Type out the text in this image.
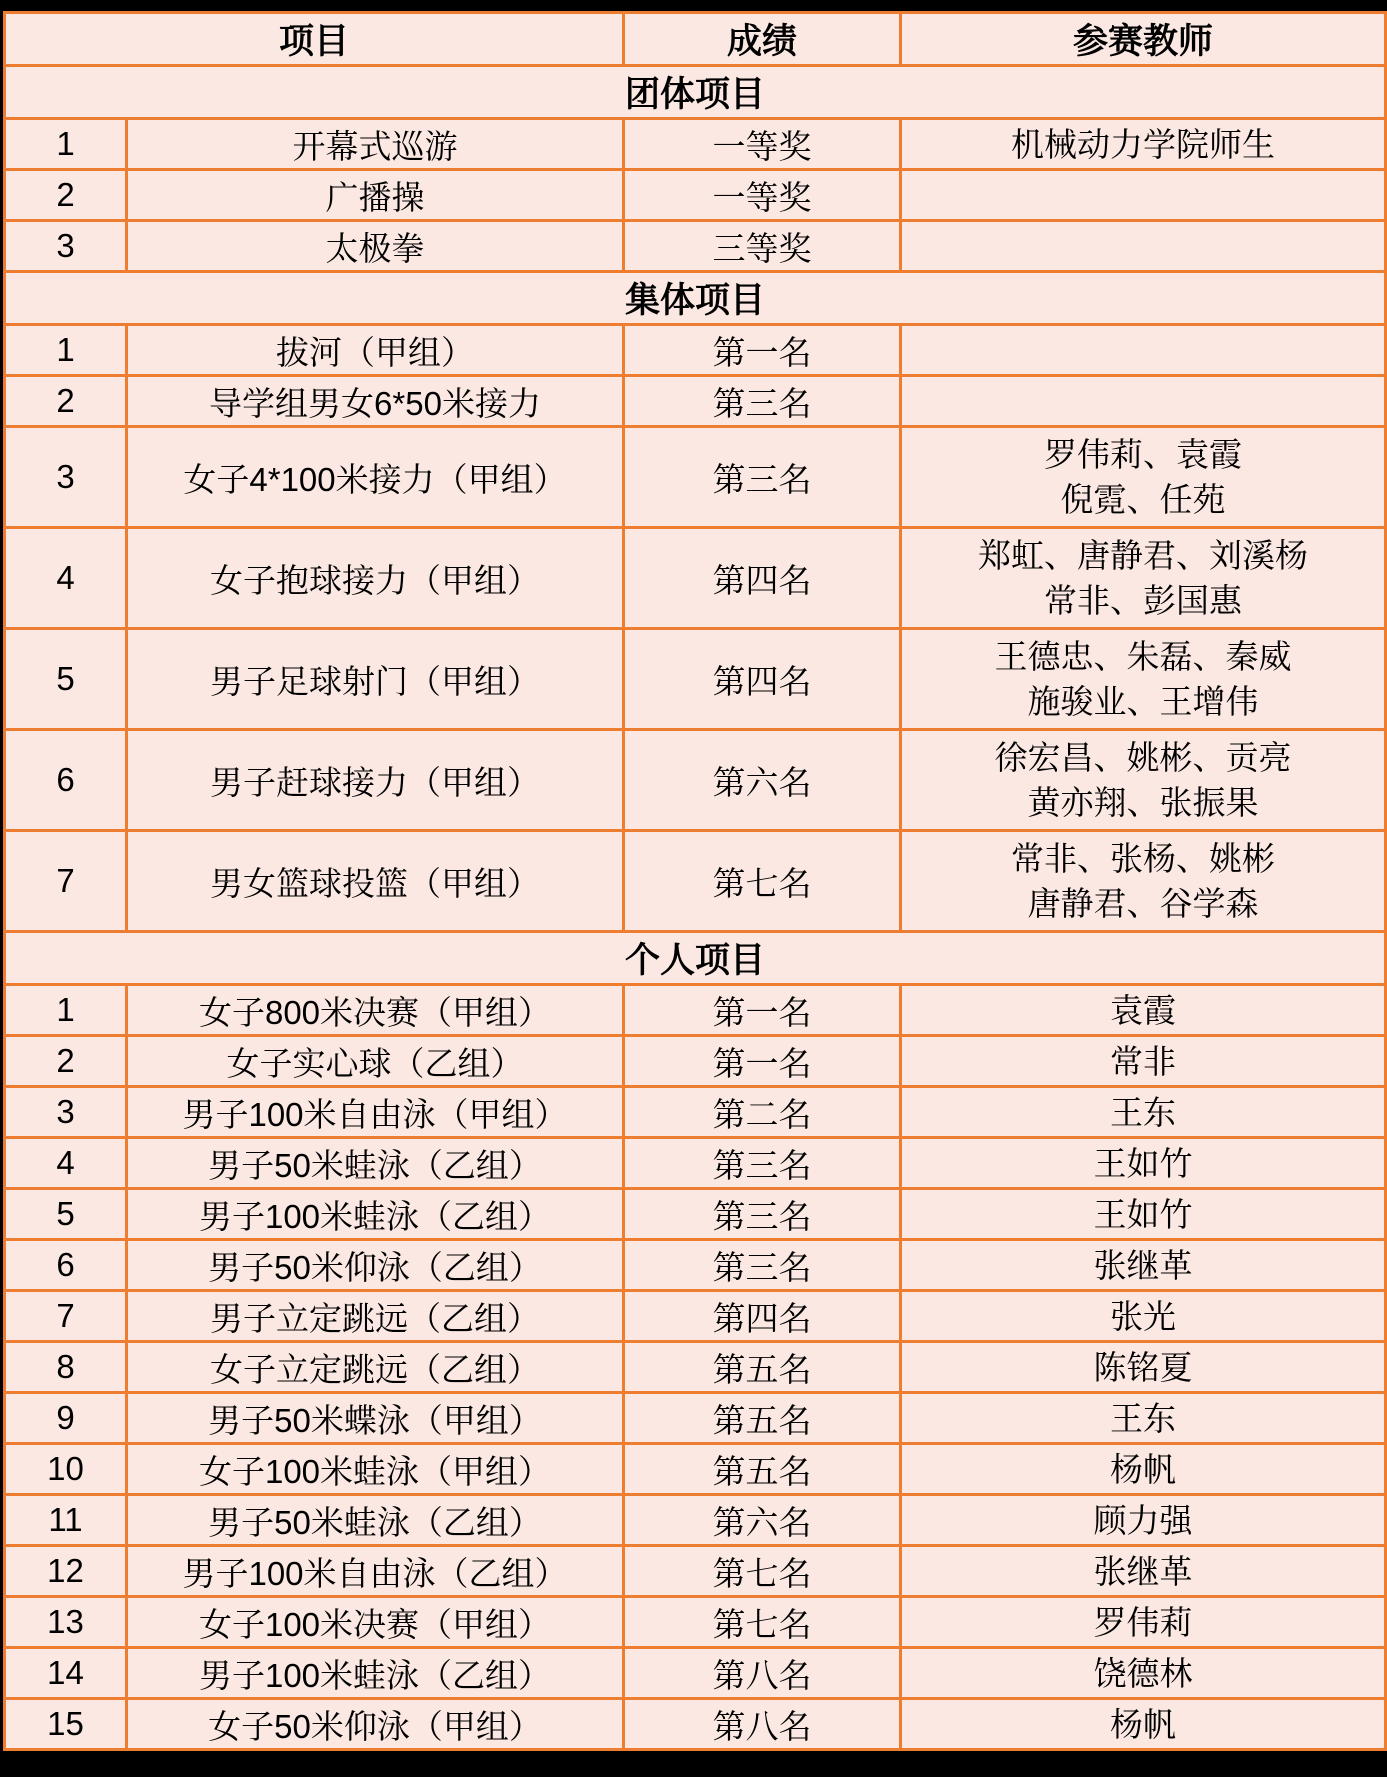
项目		成绩	参赛教师
团体项目			
1	开幕式巡游	一等奖	机械动力学院师生

2	广播操	一等奖	
3	太极拳	三等奖	
集体项目			
1	拔河（甲组）	第一名	
2	导学组男女6*50米接力	第三名	
3	女子4*100米接力（甲组）	第三名	罗伟莉、袁霞
倪霓、任苑

4	女子抱球接力（甲组）	第四名	郑虹、唐静君、刘溪杨
常非、彭国惠

5	男子足球射门（甲组）	第四名	王德忠、朱磊、秦威
施骏业、王增伟

6	男子赶球接力（甲组）	第六名	徐宏昌、姚彬、贡亮
黄亦翔、张振果

7	男女篮球投篮（甲组）	第七名	常非、张杨、姚彬
唐静君、谷学森

个人项目			
1	女子800米决赛（甲组）	第一名	袁霞

2	女子实心球（乙组）	第一名	常非

3	男子100米自由泳（甲组）	第二名	王东

4	男子50米蛙泳（乙组）	第三名	王如竹

5	男子100米蛙泳（乙组）	第三名	王如竹

6	男子50米仰泳（乙组）	第三名	张继革

7	男子立定跳远（乙组）	第四名	张光

8	女子立定跳远（乙组）	第五名	陈铭夏

9	男子50米蝶泳（甲组）	第五名	王东

10	女子100米蛙泳（甲组）	第五名	杨帆

11	男子50米蛙泳（乙组）	第六名	顾力强

12	男子100米自由泳（乙组）	第七名	张继革

13	女子100米决赛（甲组）	第七名	罗伟莉

14	男子100米蛙泳（乙组）	第八名	饶德林

15	女子50米仰泳（甲组）	第八名	杨帆
